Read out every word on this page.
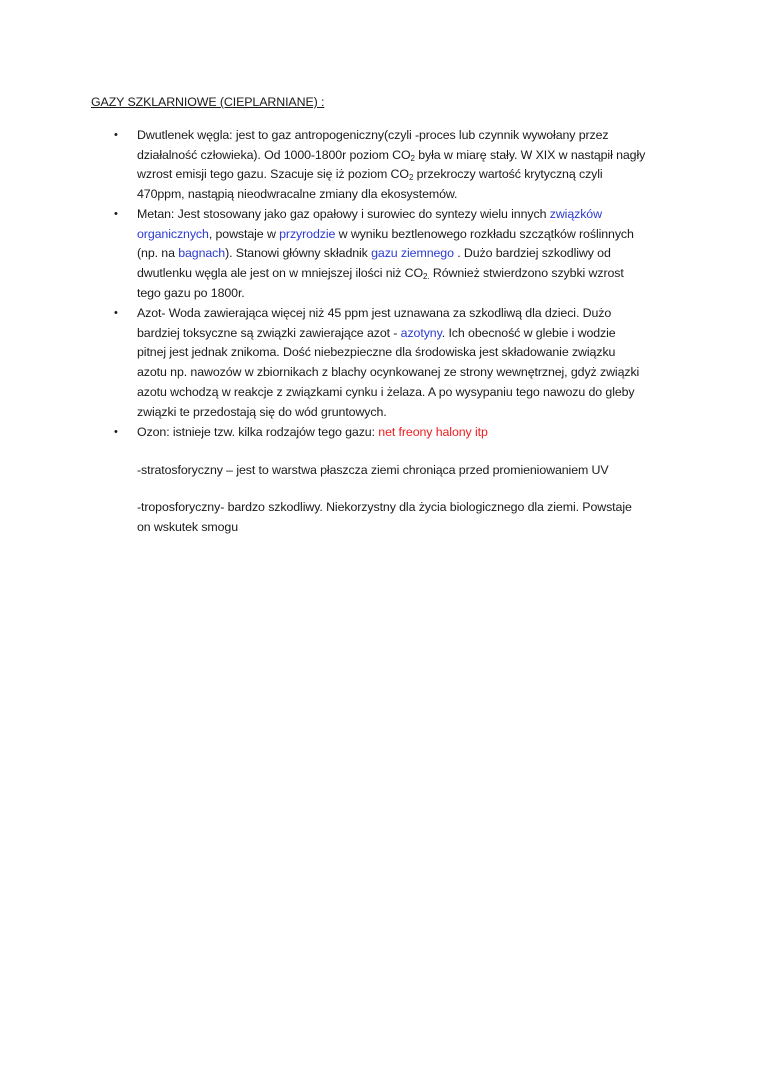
GAZY SZKLARNIOWE (CIEPLARNIANE) :
•	Dwutlenek węgla: jest to gaz antropogeniczny(czyli -proces lub czynnik wywołany przez
działalność człowieka). Od 1000-1800r poziom $CO_2$ była w miarę stały. W XIX w nastąpił nagły
wzrost emisji tego gazu. Szacuje się iż poziom $CO_2$ przekroczy wartość krytyczną czyli
470ppm, nastąpią nieodwracalne zmiany dla ekosystemów.
•	Metan: Jest stosowany jako gaz opałowy i surowiec do syntezy wielu innych związków
organicznych, powstaje w przyrodzie w wyniku beztlenowego rozkładu szczątków roślinnych
(np. na bagnach). Stanowi główny składnik gazu ziemnego . Dużo bardziej szkodliwy od
dwutlenku węgla ale jest on w mniejszej ilości niż $CO_{2.}$ Również stwierdzono szybki wzrost
tego gazu po 1800r.
•	Azot- Woda zawierająca więcej niż 45 ppm jest uznawana za szkodliwą dla dzieci. Dużo
bardziej toksyczne są związki zawierające azot - azotyny. Ich obecność w glebie i wodzie
pitnej jest jednak znikoma. Dość niebezpieczne dla środowiska jest składowanie związku
azotu np. nawozów w zbiornikach z blachy ocynkowanej ze strony wewnętrznej, gdyż związki
azotu wchodzą w reakcje z związkami cynku i żelaza. A po wysypaniu tego nawozu do gleby
związki te przedostają się do wód gruntowych.
•	Ozon: istnieje tzw. kilka rodzajów tego gazu: net freony halony itp
-stratosforyczny – jest to warstwa płaszcza ziemi chroniąca przed promieniowaniem UV
-troposforyczny- bardzo szkodliwy. Niekorzystny dla życia biologicznego dla ziemi. Powstaje
on wskutek smogu
